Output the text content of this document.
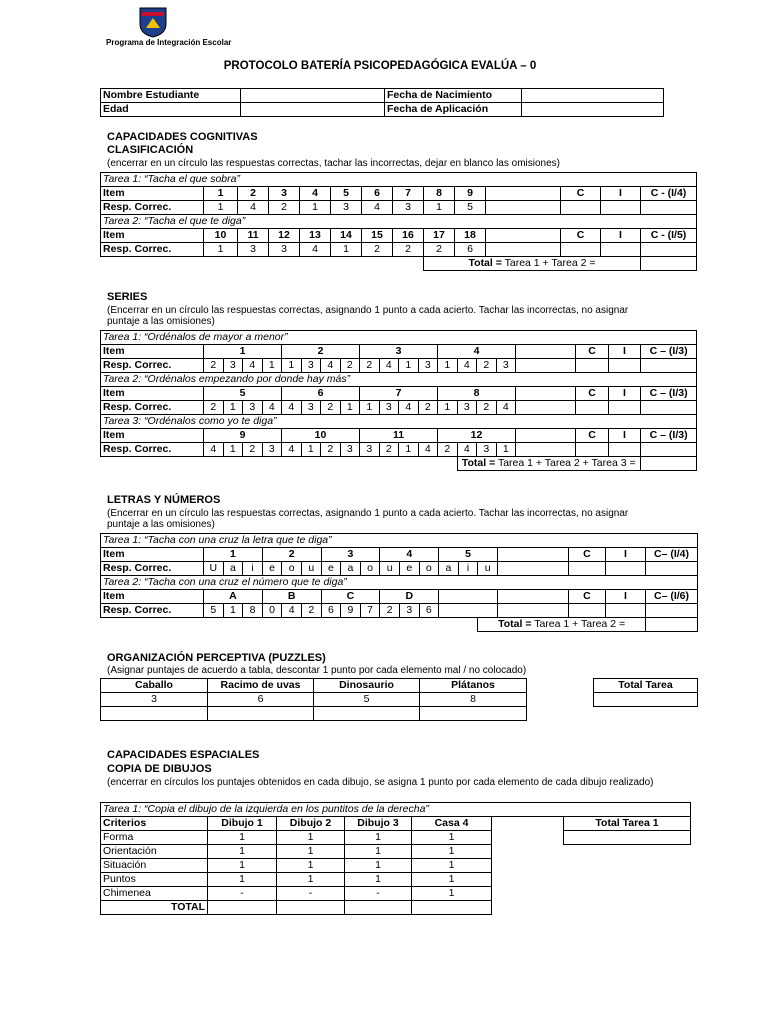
Programa de Integración Escolar
PROTOCOLO BATERÍA PSICOPEDAGÓGICA EVALÚA – 0
Nombre Estudiante		Fecha de Nacimiento	
Edad		Fecha de Aplicación	
CAPACIDADES COGNITIVAS
CLASIFICACIÓN
(encerrar en un círculo las respuestas correctas, tachar las incorrectas, dejar en blanco las omisiones)
Tarea 1: “Tacha el que sobra”													
Item	1	2	3	4	5	6	7	8	9		C	I	C - (I/4)
Resp. Correc.	1	4	2	1	3	4	3	1	5				
Tarea 2: “Tacha el que te diga”													
Item	10	11	12	13	14	15	16	17	18		C	I	C - (I/5)
Resp. Correc.	1	3	3	4	1	2	2	2	6				
								Total = Tarea 1 + Tarea 2 =					
SERIES
(Encerrar en un círculo las respuestas correctas, asignando 1 punto a cada acierto. Tachar las incorrectas, no asignar puntaje a las omisiones)
Tarea 1: “Ordénalos de mayor a menor”																				
Item	1				2				3				4					C	I	C – (I/3)
Resp. Correc.	2	3	4	1	1	3	4	2	2	4	1	3	1	4	2	3				
Tarea 2: “Ordénalos empezando por donde hay más”																				
Item	5				6				7				8					C	I	C – (I/3)
Resp. Correc.	2	1	3	4	4	3	2	1	1	3	4	2	1	3	2	4				
Tarea 3: “Ordénalos como yo te diga”																				
Item	9				10				11				12					C	I	C – (I/3)
Resp. Correc.	4	1	2	3	4	1	2	3	3	2	1	4	2	4	3	1				
														Total = Tarea 1 + Tarea 2 + Tarea 3 =						
LETRAS Y NÚMEROS
(Encerrar en un círculo las respuestas correctas, asignando 1 punto a cada acierto. Tachar las incorrectas, no asignar puntaje a las omisiones)
Tarea 1: “Tacha con una cruz la letra que te diga”																			
Item	1			2			3			4			5				C	I	C– (I/4)
Resp. Correc.	U	a	i	e	o	u	e	a	o	u	e	o	a	i	u				
Tarea 2: “Tacha con una cruz el número que te diga”																			
Item	A			B			C			D							C	I	C– (I/6)
Resp. Correc.	5	1	8	0	4	2	6	9	7	2	3	6							
															Total = Tarea 1 + Tarea 2 =				
ORGANIZACIÓN PERCEPTIVA (PUZZLES)
(Asignar puntajes de acuerdo a tabla, descontar 1 punto por cada elemento mal / no colocado)
Caballo	Racimo de uvas	Dinosaurio	Plátanos		Total Tarea
3	6	5	8		

CAPACIDADES ESPACIALES
COPIA DE DIBUJOS
(encerrar en círculos los puntajes obtenidos en cada dibujo, se asigna 1 punto por cada elemento de cada dibujo realizado)
Tarea 1: “Copia el dibujo de la izquierda en los puntitos de la derecha”						
Criterios	Dibujo 1	Dibujo 2	Dibujo 3	Casa 4		Total Tarea 1
Forma	1	1	1	1		
Orientación	1	1	1	1		
Situación	1	1	1	1		
Puntos	1	1	1	1		
Chimenea	-	-	-	1		
TOTAL						
